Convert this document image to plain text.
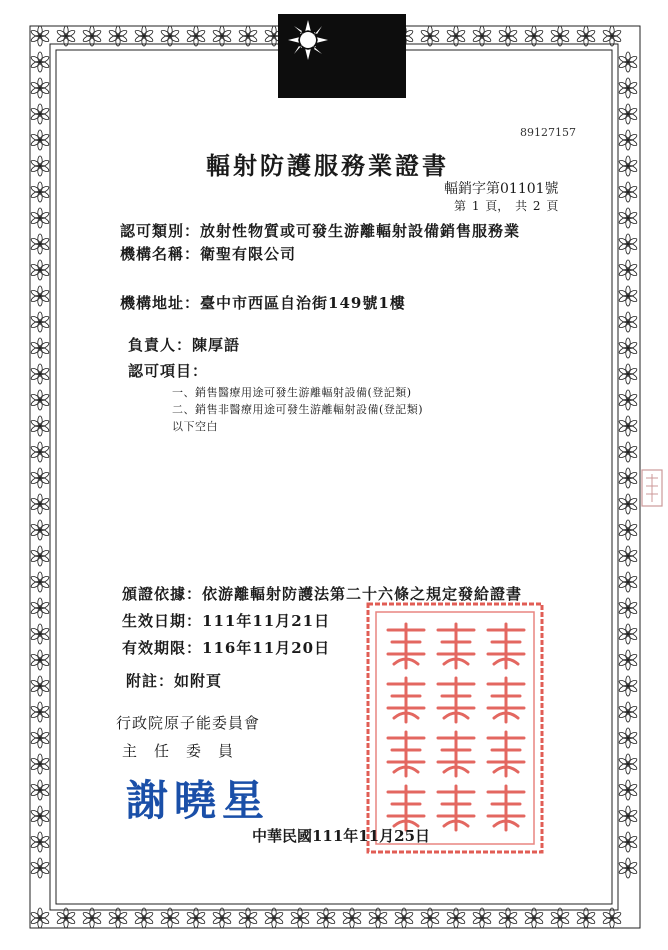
89127157
輻射防護服務業證書
輻銷字第01101號
第 1 頁， 共 2 頁
認可類別：放射性物質或可發生游離輻射設備銷售服務業
機構名稱：衛聖有限公司
機構地址：臺中市西區自治街149號1樓
負責人：陳厚語
認可項目：
一、銷售醫療用途可發生游離輻射設備(登記類)
二、銷售非醫療用途可發生游離輻射設備(登記類)
以下空白
頒證依據：依游離輻射防護法第二十六條之規定發給證書
生效日期：111年11月21日
有效期限：116年11月20日
附註：如附頁
行政院原子能委員會
主　任　委　員
謝曉星
中華民國111年11月25日
